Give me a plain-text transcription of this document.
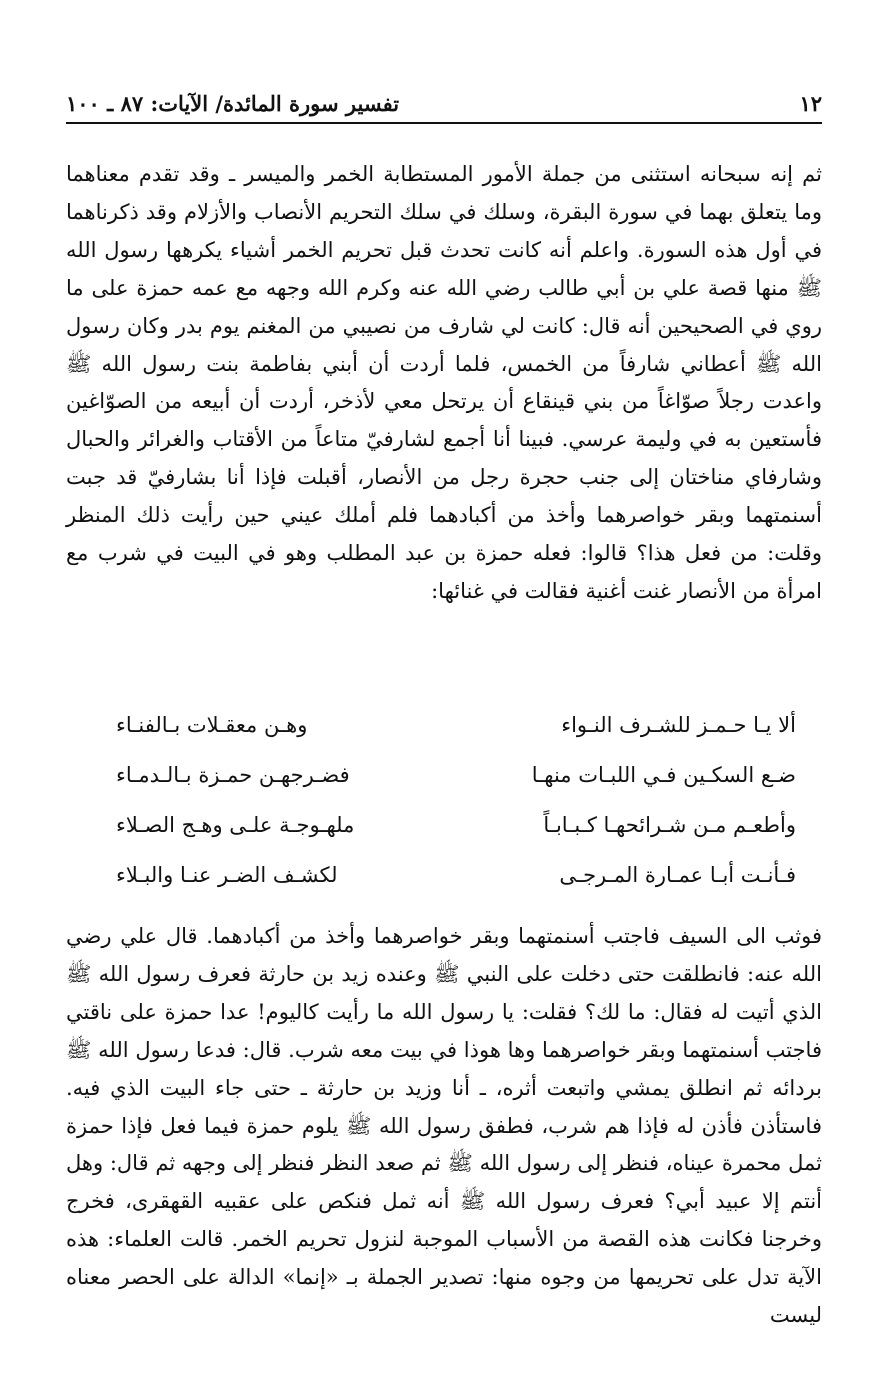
١٢
تفسير سورة المائدة/ الآيات: ٨٧ ـ ١٠٠

ثم إنه سبحانه استثنى من جملة الأمور المستطابة الخمر والميسر ـ وقد تقدم معناهما وما يتعلق بهما في سورة البقرة، وسلك في سلك التحريم الأنصاب والأزلام وقد ذكرناهما في أول هذه السورة. واعلم أنه كانت تحدث قبل تحريم الخمر أشياء يكرهها رسول الله ﷺ منها قصة علي بن أبي طالب رضي الله عنه وكرم الله وجهه مع عمه حمزة على ما روي في الصحيحين أنه قال: كانت لي شارف من نصيبي من المغنم يوم بدر وكان رسول الله ﷺ أعطاني شارفاً من الخمس، فلما أردت أن أبني بفاطمة بنت رسول الله ﷺ واعدت رجلاً صوّاغاً من بني قينقاع أن يرتحل معي لأذخر، أردت أن أبيعه من الصوّاغين فأستعين به في وليمة عرسي. فبينا أنا أجمع لشارفيّ متاعاً من الأقتاب والغرائر والحبال وشارفاي مناختان إلى جنب حجرة رجل من الأنصار، أقبلت فإذا أنا بشارفيّ قد جبت أسنمتهما وبقر خواصرهما وأخذ من أكبادهما فلم أملك عيني حين رأيت ذلك المنظر وقلت: من فعل هذا؟ قالوا: فعله حمزة بن عبد المطلب وهو في البيت في شرب مع امرأة من الأنصار غنت أغنية فقالت في غنائها:

ألا يـا حـمـز للشـرف النـواء
وهـن معقـلات بـالفنـاء
ضـع السكـين فـي اللبـات منهـا
فضـرجهـن حمـزة بـالـدمـاء
وأطعـم مـن شـرائحهـا كـبـابـاً
ملهـوجـة علـى وهـج الصـلاء
فـأنـت أبـا عمـارة المـرجـى
لكشـف الضـر عنـا والبـلاء

فوثب الى السيف فاجتب أسنمتهما وبقر خواصرهما وأخذ من أكبادهما. قال علي رضي الله عنه: فانطلقت حتى دخلت على النبي ﷺ وعنده زيد بن حارثة فعرف رسول الله ﷺ الذي أتيت له فقال: ما لك؟ فقلت: يا رسول الله ما رأيت كاليوم! عدا حمزة على ناقتي فاجتب أسنمتهما وبقر خواصرهما وها هوذا في بيت معه شرب. قال: فدعا رسول الله ﷺ بردائه ثم انطلق يمشي واتبعت أثره، ـ أنا وزيد بن حارثة ـ حتى جاء البيت الذي فيه. فاستأذن فأذن له فإذا هم شرب، فطفق رسول الله ﷺ يلوم حمزة فيما فعل فإذا حمزة ثمل محمرة عيناه، فنظر إلى رسول الله ﷺ ثم صعد النظر فنظر إلى وجهه ثم قال: وهل أنتم إلا عبيد أبي؟ فعرف رسول الله ﷺ أنه ثمل فنكص على عقبيه القهقرى، فخرج وخرجنا فكانت هذه القصة من الأسباب الموجبة لنزول تحريم الخمر. قالت العلماء: هذه الآية تدل على تحريمها من وجوه منها: تصدير الجملة بـ «إنما» الدالة على الحصر معناه ليست
